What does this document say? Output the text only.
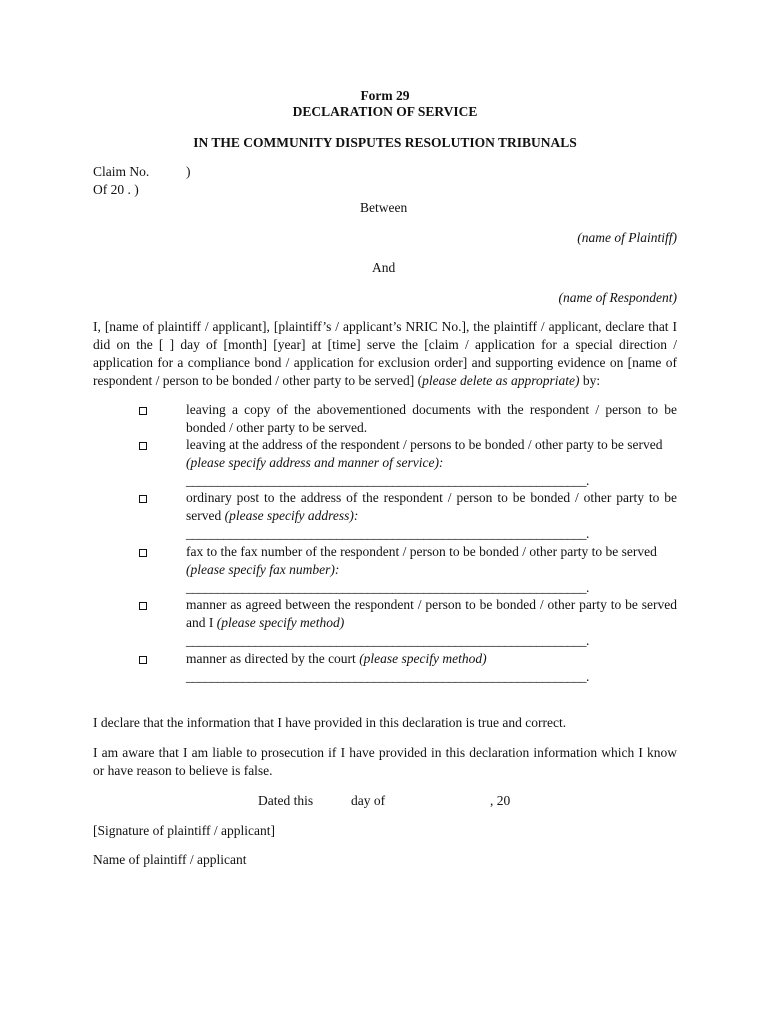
Form 29
DECLARATION OF SERVICE
IN THE COMMUNITY DISPUTES RESOLUTION TRIBUNALS
Claim No.	)
Of 20 . )
Between
(name of Plaintiff)
And
(name of Respondent)
I, [name of plaintiff / applicant], [plaintiff’s / applicant’s NRIC No.], the plaintiff / applicant, declare that I did on the [ ] day of [month] [year] at [time] serve the [claim / application for a special direction / application for a compliance bond / application for exclusion order] and supporting evidence on [name of respondent / person to be bonded / other party to be served] (please delete as appropriate) by:
leaving a copy of the abovementioned documents with the respondent / person to be bonded / other party to be served.
leaving at the address of the respondent / persons to be bonded / other party to be served
(please specify address and manner of service):
________________________________________________________________.
ordinary post to the address of the respondent / person to be bonded / other party to be served (please specify address):
________________________________________________________________.
fax to the fax number of the respondent / person to be bonded / other party to be served
(please specify fax number):
________________________________________________________________.
manner as agreed between the respondent / person to be bonded / other party to be served and I (please specify method)
________________________________________________________________.
manner as directed by the court (please specify method)
________________________________________________________________.
I declare that the information that I have provided in this declaration is true and correct.
I am aware that I am liable to prosecution if I have provided in this declaration information which I know or have reason to believe is false.
Dated this	day of	, 20
[Signature of plaintiff / applicant]
Name of plaintiff / applicant
